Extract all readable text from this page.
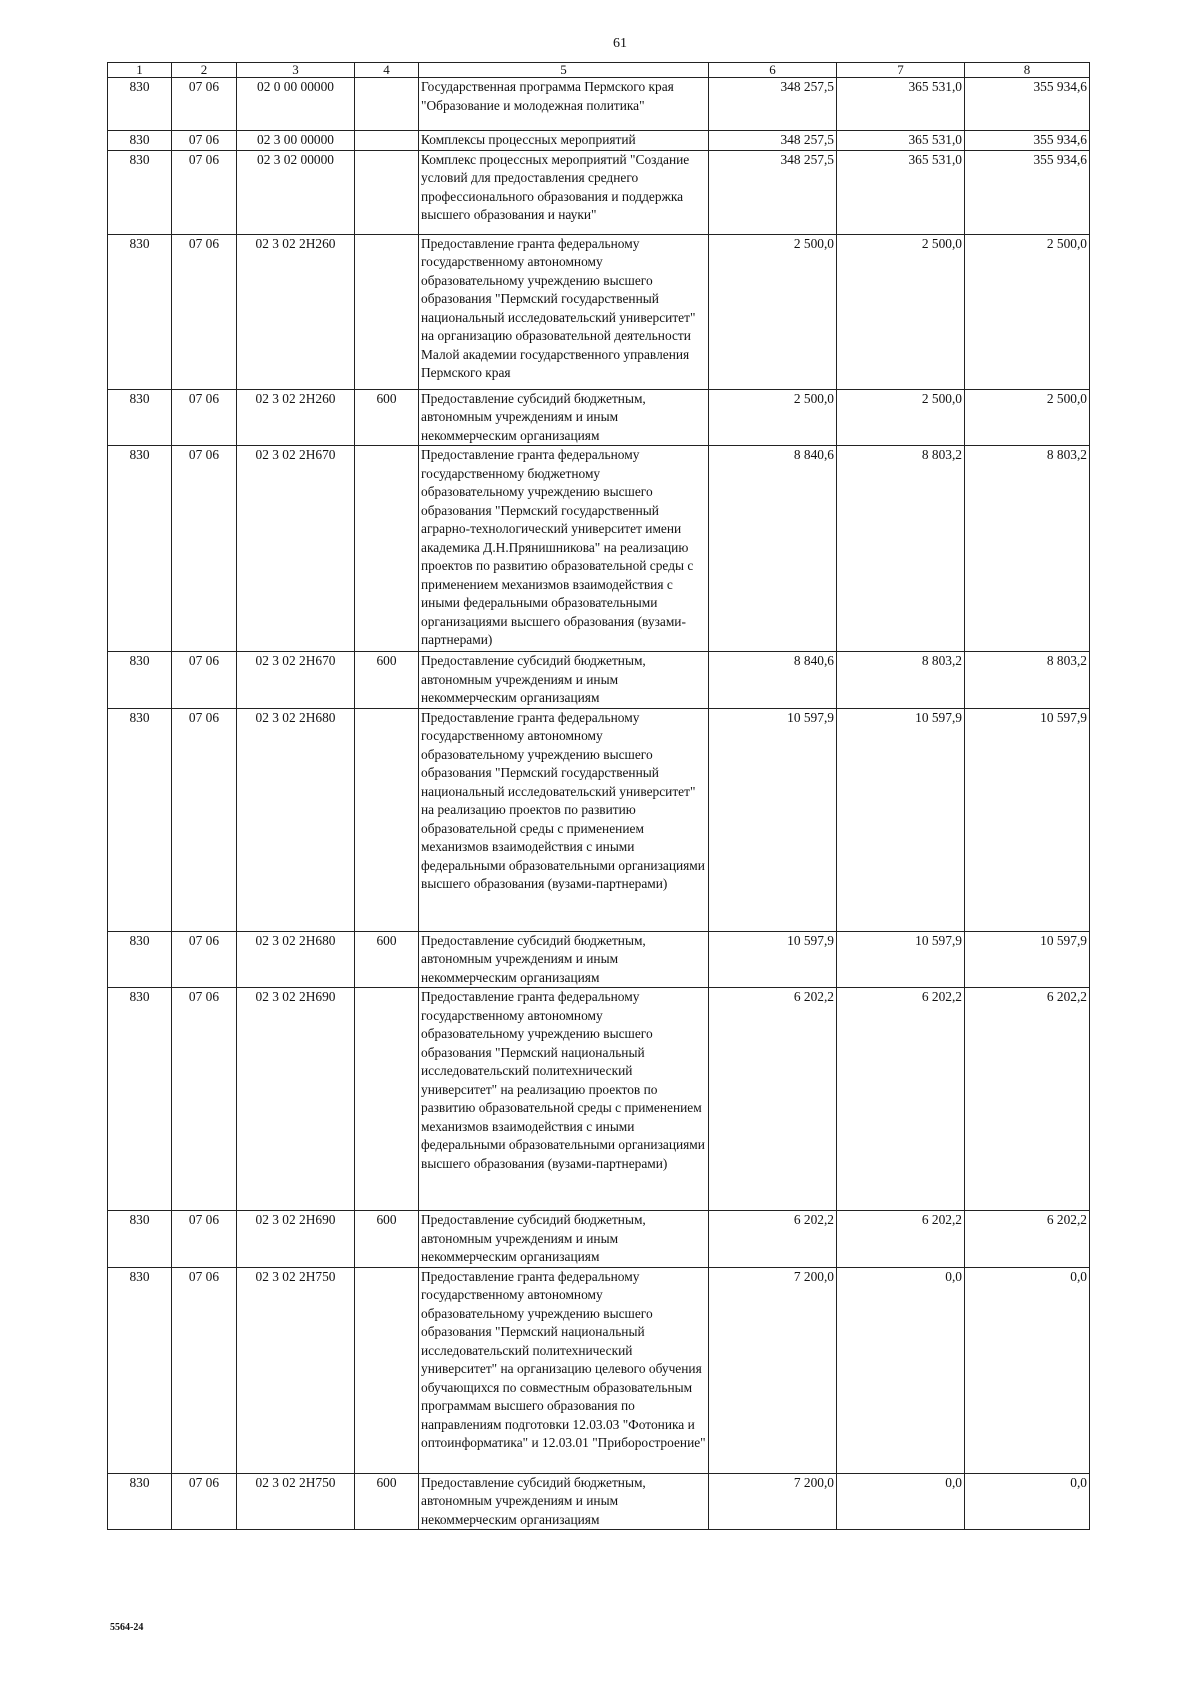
61
1	2	3	4	5	6	7	8
830	07 06	02 0 00 00000		Государственная программа Пермского края "Образование и молодежная политика"	348 257,5	365 531,0	355 934,6
830	07 06	02 3 00 00000		Комплексы процессных мероприятий	348 257,5	365 531,0	355 934,6
830	07 06	02 3 02 00000		Комплекс процессных мероприятий "Создание условий для предоставления среднего профессионального образования и поддержка высшего образования и науки"	348 257,5	365 531,0	355 934,6
830	07 06	02 3 02 2Н260		Предоставление гранта федеральному государственному автономному образовательному учреждению высшего образования "Пермский государственный национальный исследовательский университет" на организацию образовательной деятельности Малой академии государственного управления Пермского края	2 500,0	2 500,0	2 500,0
830	07 06	02 3 02 2Н260	600	Предоставление субсидий бюджетным, автономным учреждениям и иным некоммерческим организациям	2 500,0	2 500,0	2 500,0
830	07 06	02 3 02 2Н670		Предоставление гранта федеральному государственному бюджетному образовательному учреждению высшего образования "Пермский государственный аграрно-технологический университет имени академика Д.Н.Прянишникова" на реализацию проектов по развитию образовательной среды с применением механизмов взаимодействия с иными федеральными образовательными организациями высшего образования (вузами-партнерами)	8 840,6	8 803,2	8 803,2
830	07 06	02 3 02 2Н670	600	Предоставление субсидий бюджетным, автономным учреждениям и иным некоммерческим организациям	8 840,6	8 803,2	8 803,2
830	07 06	02 3 02 2Н680		Предоставление гранта федеральному государственному автономному образовательному учреждению высшего образования "Пермский государственный национальный исследовательский университет" на реализацию проектов по развитию образовательной среды с применением механизмов взаимодействия с иными федеральными образовательными организациями высшего образования (вузами-партнерами)	10 597,9	10 597,9	10 597,9
830	07 06	02 3 02 2Н680	600	Предоставление субсидий бюджетным, автономным учреждениям и иным некоммерческим организациям	10 597,9	10 597,9	10 597,9
830	07 06	02 3 02 2Н690		Предоставление гранта федеральному государственному автономному образовательному учреждению высшего образования "Пермский национальный исследовательский политехнический университет" на реализацию проектов по развитию образовательной среды с применением механизмов взаимодействия с иными федеральными образовательными организациями высшего образования (вузами-партнерами)	6 202,2	6 202,2	6 202,2
830	07 06	02 3 02 2Н690	600	Предоставление субсидий бюджетным, автономным учреждениям и иным некоммерческим организациям	6 202,2	6 202,2	6 202,2
830	07 06	02 3 02 2Н750		Предоставление гранта федеральному государственному автономному образовательному учреждению высшего образования "Пермский национальный исследовательский политехнический университет" на организацию целевого обучения обучающихся по совместным образовательным программам высшего образования по направлениям подготовки 12.03.03 "Фотоника и оптоинформатика" и 12.03.01 "Приборостроение"	7 200,0	0,0	0,0
830	07 06	02 3 02 2Н750	600	Предоставление субсидий бюджетным, автономным учреждениям и иным некоммерческим организациям	7 200,0	0,0	0,0
5564-24
